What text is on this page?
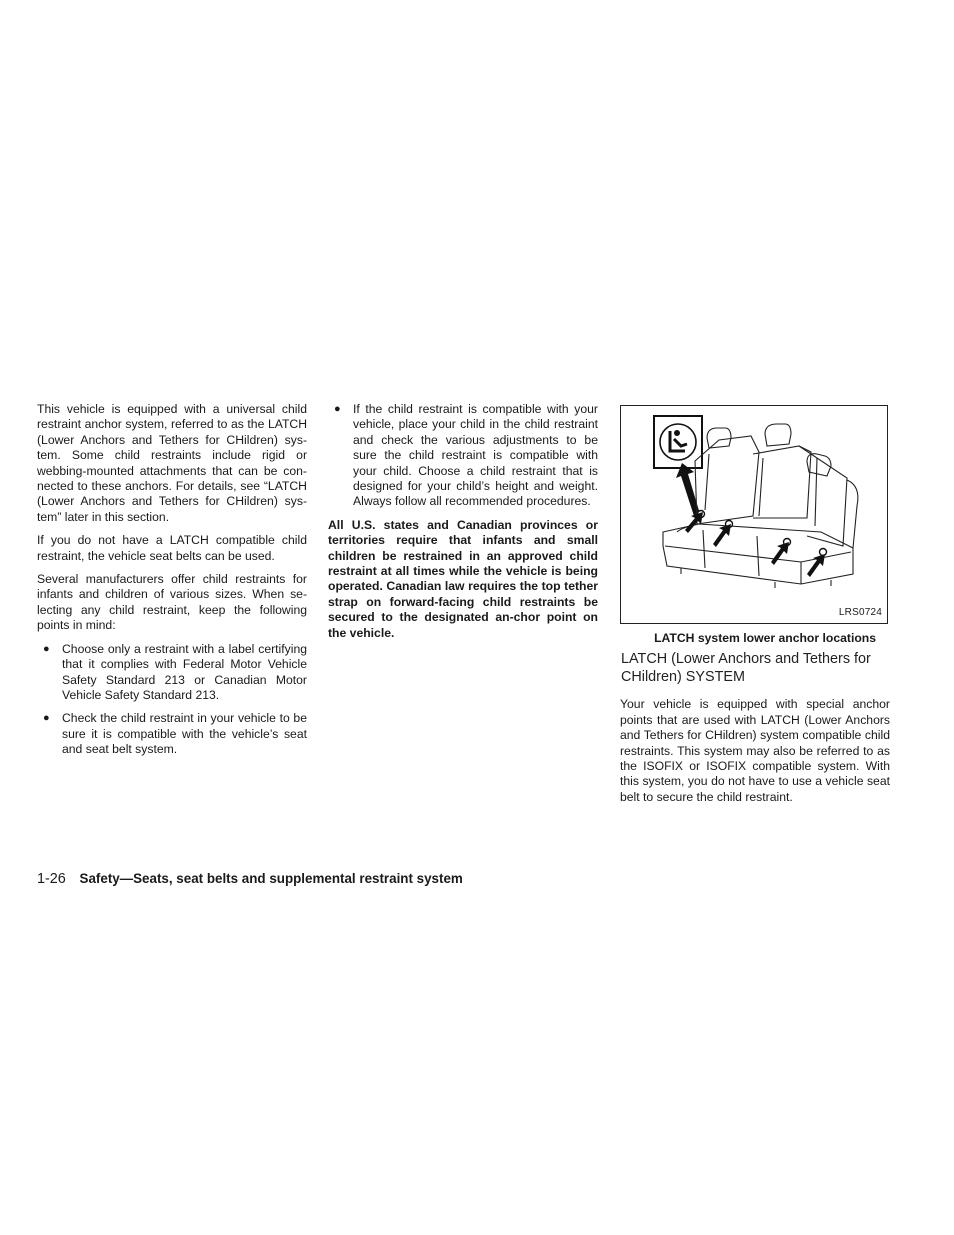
This vehicle is equipped with a universal child restraint anchor system, referred to as the LATCH (Lower Anchors and Tethers for CHildren) sys-tem. Some child restraints include rigid or webbing-mounted attachments that can be con-nected to these anchors. For details, see “LATCH (Lower Anchors and Tethers for CHildren) sys-tem” later in this section.

If you do not have a LATCH compatible child restraint, the vehicle seat belts can be used.

Several manufacturers offer child restraints for infants and children of various sizes. When se-lecting any child restraint, keep the following points in mind:

● Choose only a restraint with a label certifying that it complies with Federal Motor Vehicle Safety Standard 213 or Canadian Motor Vehicle Safety Standard 213.
● Check the child restraint in your vehicle to be sure it is compatible with the vehicle’s seat and seat belt system.
● If the child restraint is compatible with your vehicle, place your child in the child restraint and check the various adjustments to be sure the child restraint is compatible with your child. Choose a child restraint that is designed for your child’s height and weight. Always follow all recommended procedures.

All U.S. states and Canadian provinces or territories require that infants and small children be restrained in an approved child restraint at all times while the vehicle is being operated. Canadian law requires the top tether strap on forward-facing child restraints be secured to the designated an-chor point on the vehicle.

LRS0724
LATCH system lower anchor locations
LATCH (Lower Anchors and Tethers for CHildren) SYSTEM

Your vehicle is equipped with special anchor points that are used with LATCH (Lower Anchors and Tethers for CHildren) system compatible child restraints. This system may also be referred to as the ISOFIX or ISOFIX compatible system. With this system, you do not have to use a vehicle seat belt to secure the child restraint.

1-26 Safety—Seats, seat belts and supplemental restraint system
